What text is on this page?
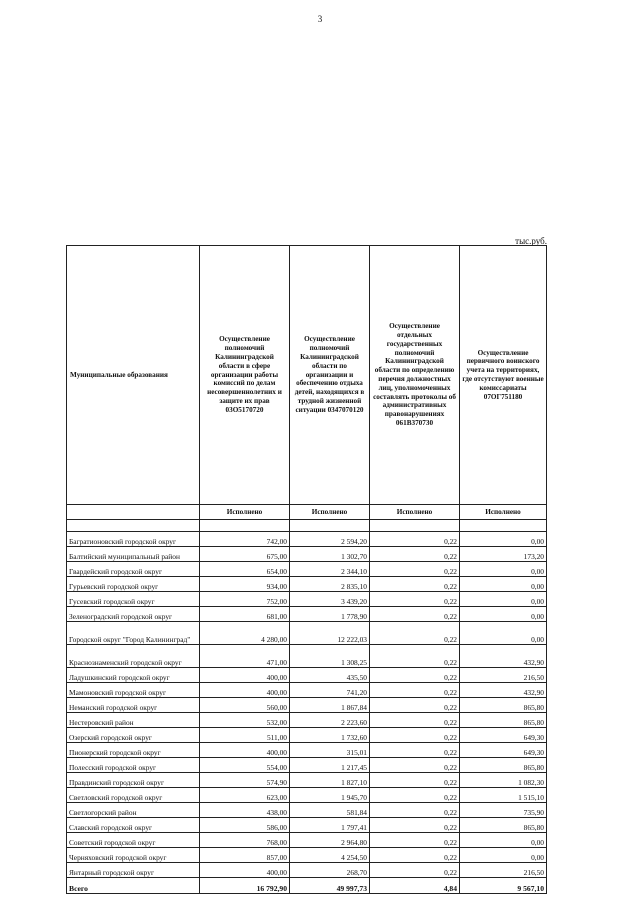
3
тыс.руб.
Муниципальные образования	Осуществление полномочий Калининградской области в сфере организации работы комиссий по делам несовершеннолетних и защите их прав 03О5170720	Осуществление полномочий Калининградской области по организации и обеспечению отдыха детей, находящихся в трудной жизненной ситуации 0347070120	Осуществление отдельных государственных полномочий Калининградской области по определению перечня должностных лиц, уполномоченных составлять протоколы об административных правонарушениях 061В370730	Осуществление первичного воинского учета на территориях, где отсутствуют военные комиссариаты 07ОГ751180
	Исполнено	Исполнено	Исполнено	Исполнено

Багратионовский городской округ	742,00	2 594,20	0,22	0,00
Балтийский муниципальный район	675,00	1 302,70	0,22	173,20
Гвардейский городской округ	654,00	2 344,10	0,22	0,00
Гурьевский городской округ	934,00	2 835,10	0,22	0,00
Гусевский городской округ	752,00	3 439,20	0,22	0,00
Зеленоградский городской округ	681,00	1 778,90	0,22	0,00
Городской округ "Город Калининград"	4 280,00	12 222,03	0,22	0,00
Краснознаменский городской округ	471,00	1 308,25	0,22	432,90
Ладушкинский городской округ	400,00	435,50	0,22	216,50
Мамоновский городской округ	400,00	741,20	0,22	432,90
Неманский городской округ	560,00	1 867,84	0,22	865,80
Нестеровский район	532,00	2 223,60	0,22	865,80
Озерский городской округ	511,00	1 732,60	0,22	649,30
Пионерский городской округ	400,00	315,01	0,22	649,30
Полесский городской округ	554,00	1 217,45	0,22	865,80
Правдинский городской округ	574,90	1 827,10	0,22	1 082,30
Светловский городской округ	623,00	1 945,70	0,22	1 515,10
Светлогорский район	438,00	581,84	0,22	735,90
Славский городской округ	586,00	1 797,41	0,22	865,80
Советский городской округ	768,00	2 964,80	0,22	0,00
Черняховский городской округ	857,00	4 254,50	0,22	0,00
Янтарный городской округ	400,00	268,70	0,22	216,50
Всего	16 792,90	49 997,73	4,84	9 567,10
